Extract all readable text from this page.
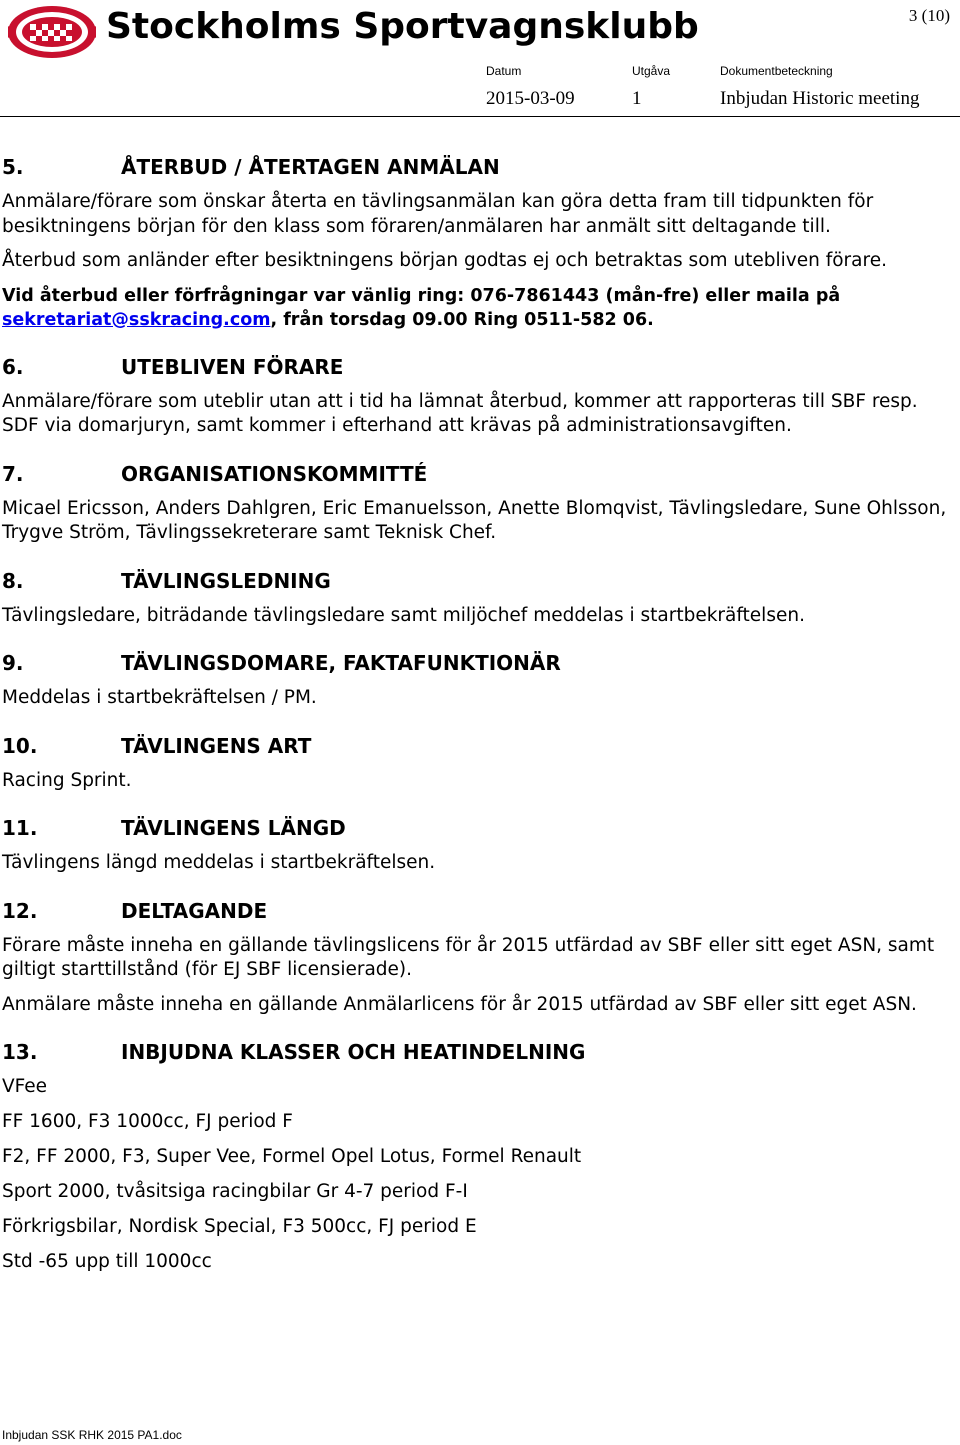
Stockholms Sportvagnsklubb	3 (10)
Datum	Utgåva	Dokumentbeteckning
2015-03-09	1	Inbjudan Historic meeting
5.	ÅTERBUD / ÅTERTAGEN ANMÄLAN

Anmälare/förare som önskar återta en tävlingsanmälan kan göra detta fram till tidpunkten för besiktningens början för den klass som föraren/anmälaren har anmält sitt deltagande till.

Återbud som anländer efter besiktningens början godtas ej och betraktas som utebliven förare.

Vid återbud eller förfrågningar var vänlig ring: 076-7861443 (mån-fre) eller maila på
sekretariat@sskracing.com, från torsdag 09.00 Ring 0511-582 06.

6.	UTEBLIVEN FÖRARE

Anmälare/förare som uteblir utan att i tid ha lämnat återbud, kommer att rapporteras till SBF resp. SDF via domarjuryn, samt kommer i efterhand att krävas på administrationsavgiften.

7.	ORGANISATIONSKOMMITTÉ

Micael Ericsson, Anders Dahlgren, Eric Emanuelsson, Anette Blomqvist, Tävlingsledare, Sune Ohlsson, Trygve Ström, Tävlingssekreterare samt Teknisk Chef.

8.	TÄVLINGSLEDNING

Tävlingsledare, biträdande tävlingsledare samt miljöchef meddelas i startbekräftelsen.

9.	TÄVLINGSDOMARE, FAKTAFUNKTIONÄR

Meddelas i startbekräftelsen / PM.

10.	TÄVLINGENS ART

Racing Sprint.

11.	TÄVLINGENS LÄNGD

Tävlingens längd meddelas i startbekräftelsen.

12.	DELTAGANDE

Förare måste inneha en gällande tävlingslicens för år 2015 utfärdad av SBF eller sitt eget ASN, samt giltigt starttillstånd (för EJ SBF licensierade).

Anmälare måste inneha en gällande Anmälarlicens för år 2015 utfärdad av SBF eller sitt eget ASN.

13.	INBJUDNA KLASSER OCH HEATINDELNING
VFee
FF 1600, F3 1000cc, FJ period F
F2, FF 2000, F3, Super Vee, Formel Opel Lotus, Formel Renault
Sport 2000, tvåsitsiga racingbilar Gr 4-7 period F-I
Förkrigsbilar, Nordisk Special, F3 500cc, FJ period E
Std -65 upp till 1000cc
Inbjudan SSK RHK 2015 PA1.doc
